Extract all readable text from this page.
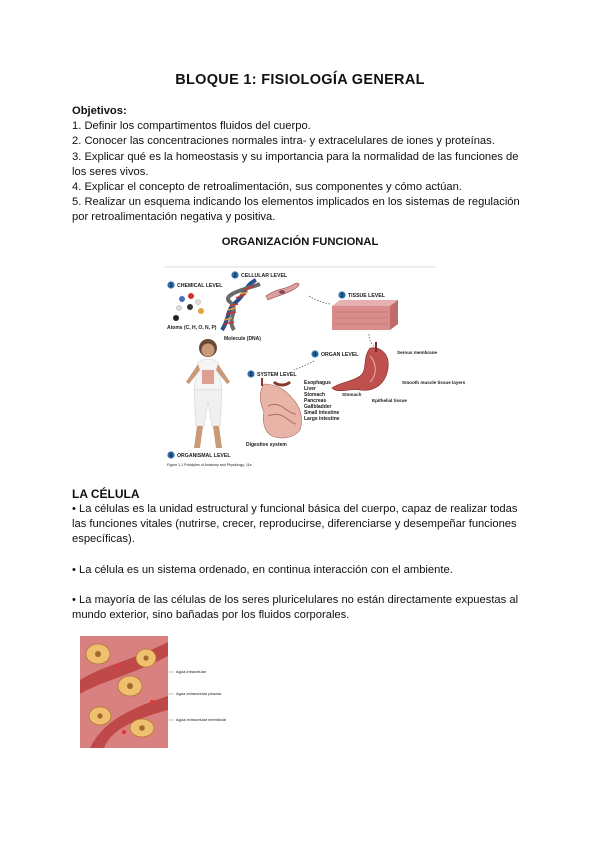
BLOQUE 1: FISIOLOGÍA GENERAL
Objetivos:
1. Definir los compartimentos fluidos del cuerpo.
2. Conocer las concentraciones normales intra- y extracelulares de iones y proteínas.
3. Explicar qué es la homeostasis y su importancia para la normalidad de las funciones de los seres vivos.
4. Explicar el concepto de retroalimentación, sus componentes y cómo actúan.
5. Realizar un esquema indicando los elementos implicados en los sistemas de regulación por retroalimentación negativa y positiva.
ORGANIZACIÓN FUNCIONAL
2
1
3
4
5
6
CELLULAR LEVEL
CHEMICAL LEVEL
TISSUE LEVEL
ORGAN LEVEL
SYSTEM LEVEL
ORGANISMAL LEVEL
Atoms (C, H, O, N, P)
Molecule (DNA)
Serous membrane
Smooth muscle tissue layers
Epithelial tissue
Stomach
Digestive system
Esophagus
Liver
Stomach
Pancreas
Gallbladder
Small intestine
Large intestine
Figure 1.1 Principles of Anatomy and Physiology, 11e
LA CÉLULA
• La células es la unidad estructural y funcional básica del cuerpo, capaz de realizar todas las funciones vitales (nutrirse, crecer, reproducirse, diferenciarse y desempeñar funciones específicas).
• La célula es un sistema ordenado, en continua interacción con el ambiente.
• La mayoría de las células de los seres pluricelulares no están directamente expuestas al mundo exterior, sino bañadas por los fluidos corporales.
Agua intracelular
Agua extracelular plasma
Agua extracelular intersticial
